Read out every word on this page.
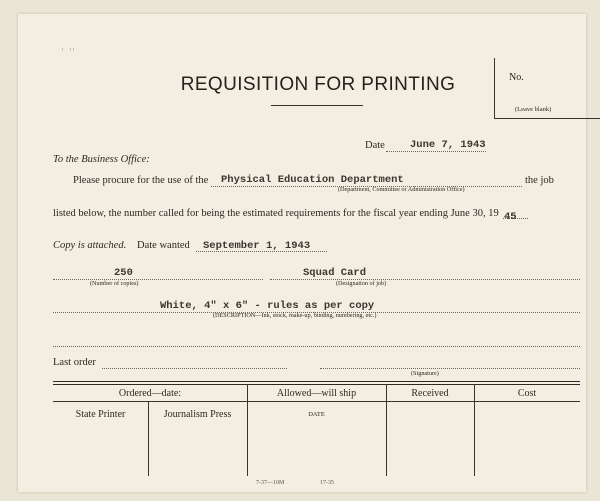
' ''
REQUISITION FOR PRINTING	No.
(Leave blank)
Date June 7, 1943
To the Business Office:
Please procure for the use of the Physical Education Department
(Department, Committee or Administration Office)
the job
listed below, the number called for being the estimated requirements for the fiscal year ending June 30, 19 45
Copy is attached. Date wanted September 1, 1943
250
(Number of copies)
Squad Card
(Designation of job)
White, 4" x 6" - rules as per copy
(DESCRIPTION—Ink, stock, make-up, binding, numbering, etc.)
Last order
(Signature)
Ordered—date:	Allowed—will ship	Received	Cost
State Printer	Journalism Press	DATE
7-37—10M	17-35
